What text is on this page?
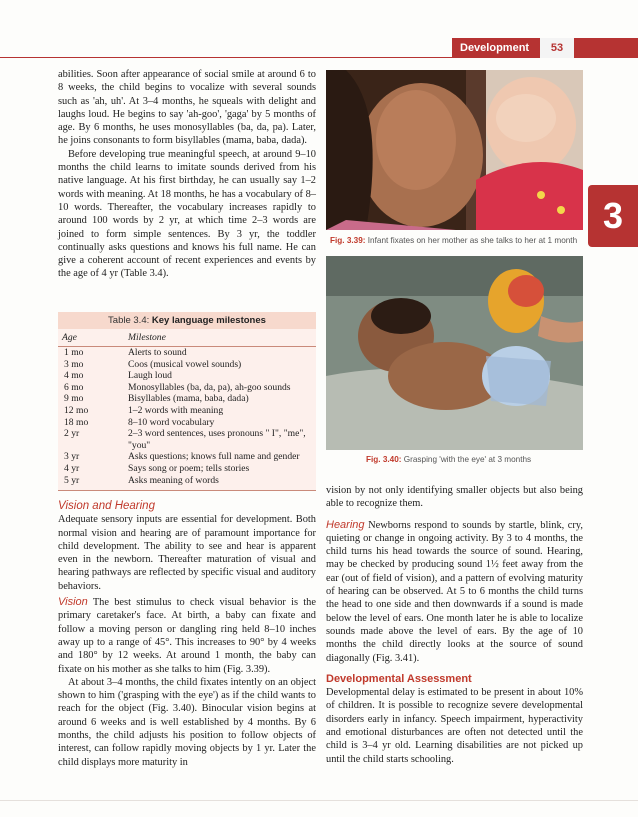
Development	53
3

abilities. Soon after appearance of social smile at around 6 to 8 weeks, the child begins to vocalize with several sounds such as 'ah, uh'. At 3–4 months, he squeals with delight and laughs loud. He begins to say 'ah-goo', 'gaga' by 5 months of age. By 6 months, he uses monosyllables (ba, da, pa). Later, he joins consonants to form bisyllables (mama, baba, dada).

Before developing true meaningful speech, at around 9–10 months the child learns to imitate sounds derived from his native language. At his first birthday, he can usually say 1–2 words with meaning. At 18 months, he has a vocabulary of 8–10 words. Thereafter, the vocabulary increases rapidly to around 100 words by 2 yr, at which time 2–3 words are joined to form simple sentences. By 3 yr, the toddler continually asks questions and knows his full name. He can give a coherent account of recent experiences and events by the age of 4 yr (Table 3.4).

Table 3.4: Key language milestones
Age	Milestone
1 mo	Alerts to sound
3 mo	Coos (musical vowel sounds)
4 mo	Laugh loud
6 mo	Monosyllables (ba, da, pa), ah-goo sounds
9 mo	Bisyllables (mama, baba, dada)
12 mo	1–2 words with meaning
18 mo	8–10 word vocabulary
2 yr	2–3 word sentences, uses pronouns " I", "me", "you"
3 yr	Asks questions; knows full name and gender
4 yr	Says song or poem; tells stories
5 yr	Asks meaning of words

Vision and Hearing

Adequate sensory inputs are essential for development. Both normal vision and hearing are of paramount importance for child development. The ability to see and hear is apparent even in the newborn. Thereafter maturation of visual and hearing pathways are reflected by specific visual and auditory behaviors.

Vision The best stimulus to check visual behavior is the primary caretaker's face. At birth, a baby can fixate and follow a moving person or dangling ring held 8–10 inches away up to a range of 45°. This increases to 90° by 4 weeks and 180° by 12 weeks. At around 1 month, the baby can fixate on his mother as she talks to him (Fig. 3.39).

At about 3–4 months, the child fixates intently on an object shown to him ('grasping with the eye') as if the child wants to reach for the object (Fig. 3.40). Binocular vision begins at around 6 weeks and is well established by 4 months. By 6 months, the child adjusts his position to follow objects of interest, can follow rapidly moving objects by 1 yr. Later the child displays more maturity in

Fig. 3.39: Infant fixates on her mother as she talks to her at 1 month
Fig. 3.40: Grasping 'with the eye' at 3 months

vision by not only identifying smaller objects but also being able to recognize them.

Hearing Newborns respond to sounds by startle, blink, cry, quieting or change in ongoing activity. By 3 to 4 months, the child turns his head towards the source of sound. Hearing, may be checked by producing sound 1½ feet away from the ear (out of field of vision), and a pattern of evolving maturity of hearing can be observed. At 5 to 6 months the child turns the head to one side and then downwards if a sound is made below the level of ears. One month later he is able to localize sounds made above the level of ears. By the age of 10 months the child directly looks at the source of sound diagonally (Fig. 3.41).

Developmental Assessment

Developmental delay is estimated to be present in about 10% of children. It is possible to recognize severe developmental disorders early in infancy. Speech impairment, hyperactivity and emotional disturbances are often not detected until the child is 3–4 yr old. Learning disabilities are not picked up until the child starts schooling.
